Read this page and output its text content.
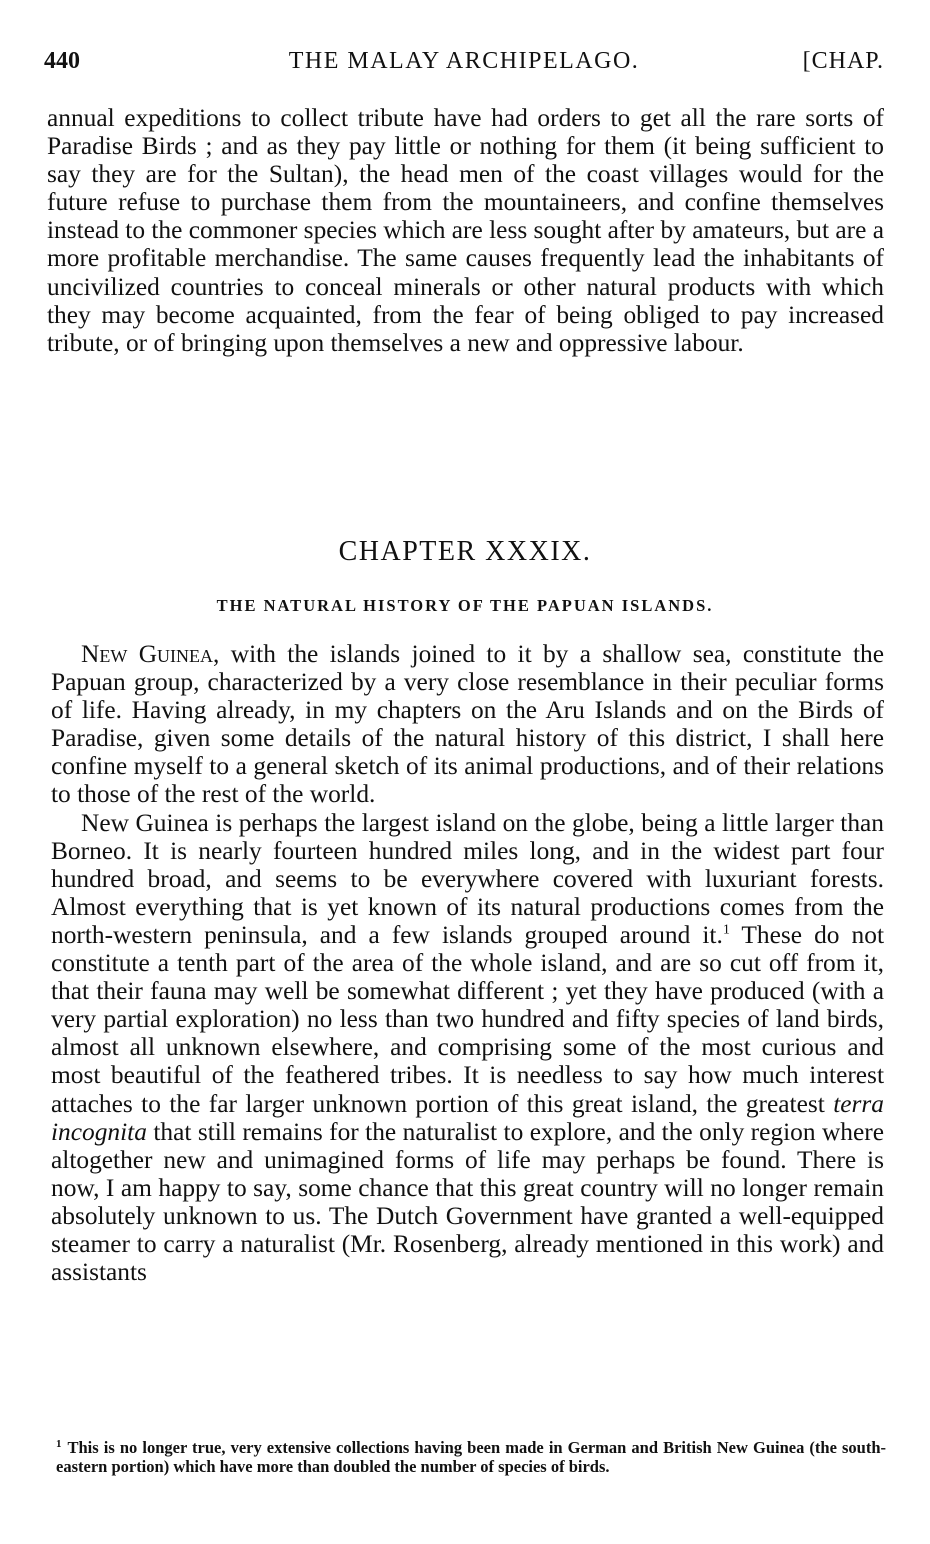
440	THE MALAY ARCHIPELAGO.	[CHAP.

annual expeditions to collect tribute have had orders to get all the rare sorts of Paradise Birds ; and as they pay little or nothing for them (it being sufficient to say they are for the Sultan), the head men of the coast villages would for the future refuse to purchase them from the mountaineers, and confine themselves instead to the commoner species which are less sought after by amateurs, but are a more profitable merchandise. The same causes frequently lead the inhabitants of uncivilized countries to conceal minerals or other natural products with which they may become acquainted, from the fear of being obliged to pay increased tribute, or of bringing upon themselves a new and oppressive labour.

CHAPTER XXXIX.
THE NATURAL HISTORY OF THE PAPUAN ISLANDS.

New Guinea, with the islands joined to it by a shallow sea, constitute the Papuan group, characterized by a very close resemblance in their peculiar forms of life. Having already, in my chapters on the Aru Islands and on the Birds of Paradise, given some details of the natural history of this district, I shall here confine myself to a general sketch of its animal productions, and of their relations to those of the rest of the world.

New Guinea is perhaps the largest island on the globe, being a little larger than Borneo. It is nearly fourteen hundred miles long, and in the widest part four hundred broad, and seems to be everywhere covered with luxuriant forests. Almost everything that is yet known of its natural productions comes from the north-western peninsula, and a few islands grouped around it.$^1$ These do not constitute a tenth part of the area of the whole island, and are so cut off from it, that their fauna may well be somewhat different ; yet they have produced (with a very partial exploration) no less than two hundred and fifty species of land birds, almost all unknown elsewhere, and comprising some of the most curious and most beautiful of the feathered tribes. It is needless to say how much interest attaches to the far larger unknown portion of this great island, the greatest terra incognita that still remains for the naturalist to explore, and the only region where altogether new and unimagined forms of life may perhaps be found. There is now, I am happy to say, some chance that this great country will no longer remain absolutely unknown to us. The Dutch Government have granted a well-equipped steamer to carry a naturalist (Mr. Rosenberg, already mentioned in this work) and assistants

$^1$ This is no longer true, very extensive collections having been made in German and British New Guinea (the south-eastern portion) which have more than doubled the number of species of birds.
